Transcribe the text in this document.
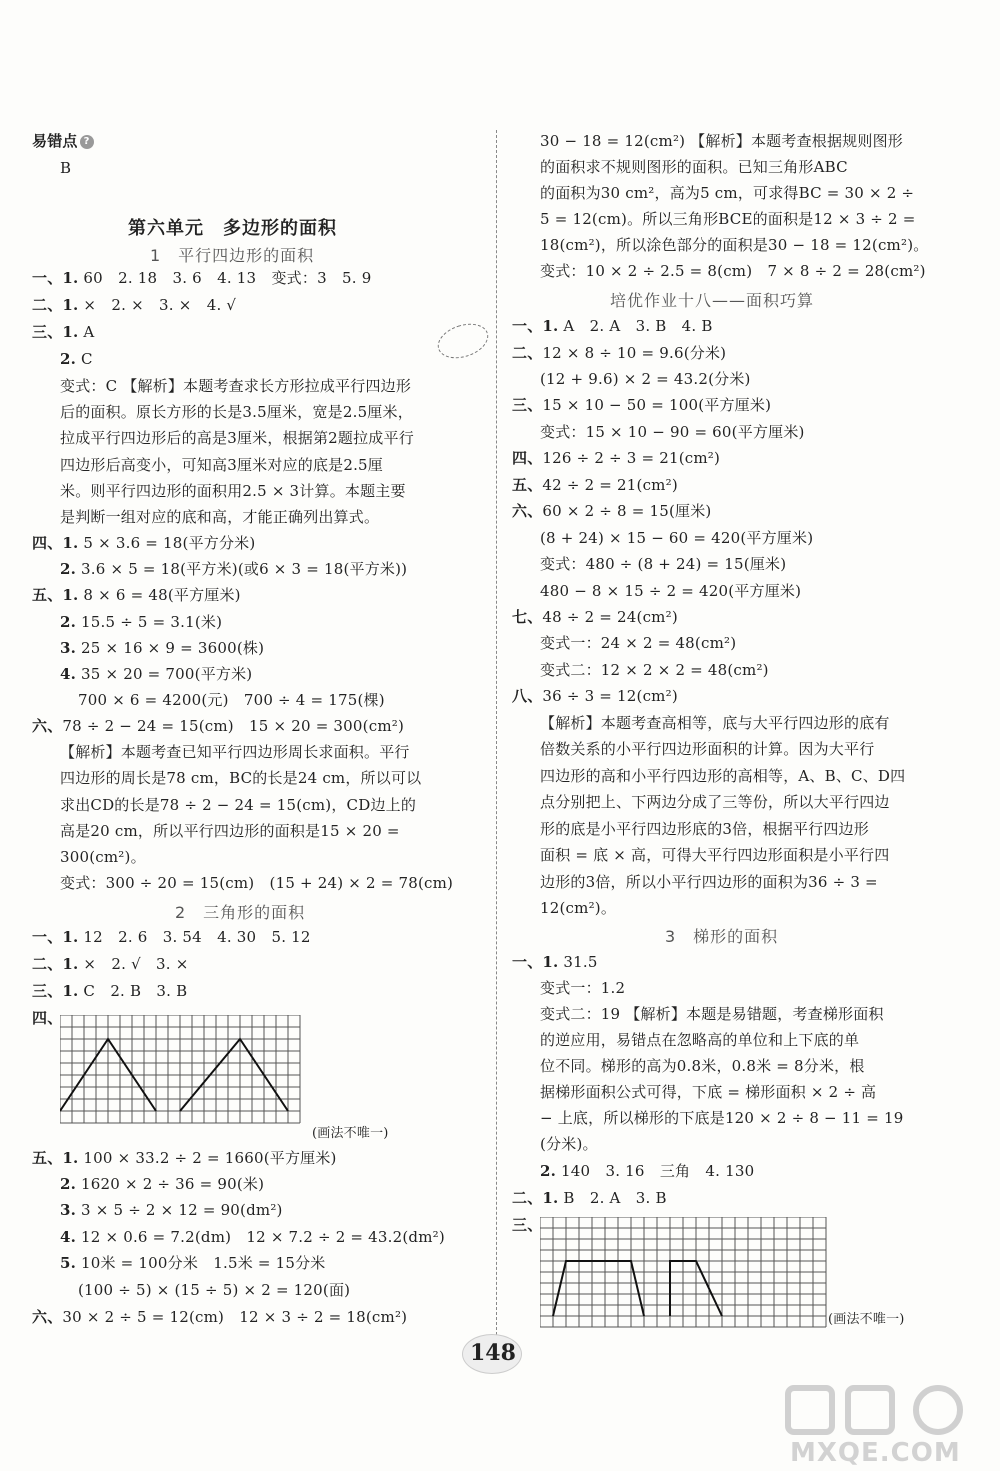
易错点 ?
B
第六单元　多边形的面积
1　平行四边形的面积
一、1. 60　2. 18　3. 6　4. 13　变式：3　5. 9
二、1. ×　2. ×　3. ×　4. √
三、1. A
2. C
变式：C 【解析】本题考查求长方形拉成平行四边形
后的面积。原长方形的长是3.5厘米，宽是2.5厘米，
拉成平行四边形后的高是3厘米，根据第2题拉成平行
四边形后高变小，可知高3厘米对应的底是2.5厘
米。则平行四边形的面积用2.5 × 3计算。本题主要
是判断一组对应的底和高，才能正确列出算式。
四、1. 5 × 3.6 = 18(平方分米)
2. 3.6 × 5 = 18(平方米)(或6 × 3 = 18(平方米))
五、1. 8 × 6 = 48(平方厘米)
2. 15.5 ÷ 5 = 3.1(米)
3. 25 × 16 × 9 = 3600(株)
4. 35 × 20 = 700(平方米)
700 × 6 = 4200(元)　700 ÷ 4 = 175(棵)
六、78 ÷ 2 − 24 = 15(cm)　15 × 20 = 300(cm²)
【解析】本题考查已知平行四边形周长求面积。平行
四边形的周长是78 cm，BC的长是24 cm，所以可以
求出CD的长是78 ÷ 2 − 24 = 15(cm)，CD边上的
高是20 cm，所以平行四边形的面积是15 × 20 =
300(cm²)。
变式：300 ÷ 20 = 15(cm)　(15 + 24) × 2 = 78(cm)
2　三角形的面积
一、1. 12　2. 6　3. 54　4. 30　5. 12
二、1. ×　2. √　3. ×
三、1. C　2. B　3. B
四、
(画法不唯一)
五、1. 100 × 33.2 ÷ 2 = 1660(平方厘米)
2. 1620 × 2 ÷ 36 = 90(米)
3. 3 × 5 ÷ 2 × 12 = 90(dm²)
4. 12 × 0.6 = 7.2(dm)　12 × 7.2 ÷ 2 = 43.2(dm²)
5. 10米 = 100分米　1.5米 = 15分米
(100 ÷ 5) × (15 ÷ 5) × 2 = 120(面)
六、30 × 2 ÷ 5 = 12(cm)　12 × 3 ÷ 2 = 18(cm²)
30 − 18 = 12(cm²) 【解析】本题考查根据规则图形
的面积求不规则图形的面积。已知三角形ABC
的面积为30 cm²，高为5 cm，可求得BC = 30 × 2 ÷
5 = 12(cm)。所以三角形BCE的面积是12 × 3 ÷ 2 =
18(cm²)，所以涂色部分的面积是30 − 18 = 12(cm²)。
变式：10 × 2 ÷ 2.5 = 8(cm)　7 × 8 ÷ 2 = 28(cm²)
培优作业十八——面积巧算
一、1. A　2. A　3. B　4. B
二、12 × 8 ÷ 10 = 9.6(分米)
(12 + 9.6) × 2 = 43.2(分米)
三、15 × 10 − 50 = 100(平方厘米)
变式：15 × 10 − 90 = 60(平方厘米)
四、126 ÷ 2 ÷ 3 = 21(cm²)
五、42 ÷ 2 = 21(cm²)
六、60 × 2 ÷ 8 = 15(厘米)
(8 + 24) × 15 − 60 = 420(平方厘米)
变式：480 ÷ (8 + 24) = 15(厘米)
480 − 8 × 15 ÷ 2 = 420(平方厘米)
七、48 ÷ 2 = 24(cm²)
变式一：24 × 2 = 48(cm²)
变式二：12 × 2 × 2 = 48(cm²)
八、36 ÷ 3 = 12(cm²)
【解析】本题考查高相等，底与大平行四边形的底有
倍数关系的小平行四边形面积的计算。因为大平行
四边形的高和小平行四边形的高相等，A、B、C、D四
点分别把上、下两边分成了三等份，所以大平行四边
形的底是小平行四边形底的3倍，根据平行四边形
面积 = 底 × 高，可得大平行四边形面积是小平行四
边形的3倍，所以小平行四边形的面积为36 ÷ 3 =
12(cm²)。
3　梯形的面积
一、1. 31.5
变式一：1.2
变式二：19 【解析】本题是易错题，考查梯形面积
的逆应用，易错点在忽略高的单位和上下底的单
位不同。梯形的高为0.8米，0.8米 = 8分米，根
据梯形面积公式可得，下底 = 梯形面积 × 2 ÷ 高
− 上底，所以梯形的下底是120 × 2 ÷ 8 − 11 = 19
(分米)。
2. 140　3. 16　三角　4. 130
二、1. B　2. A　3. B
三、
(画法不唯一)
148
MXQE.COM
